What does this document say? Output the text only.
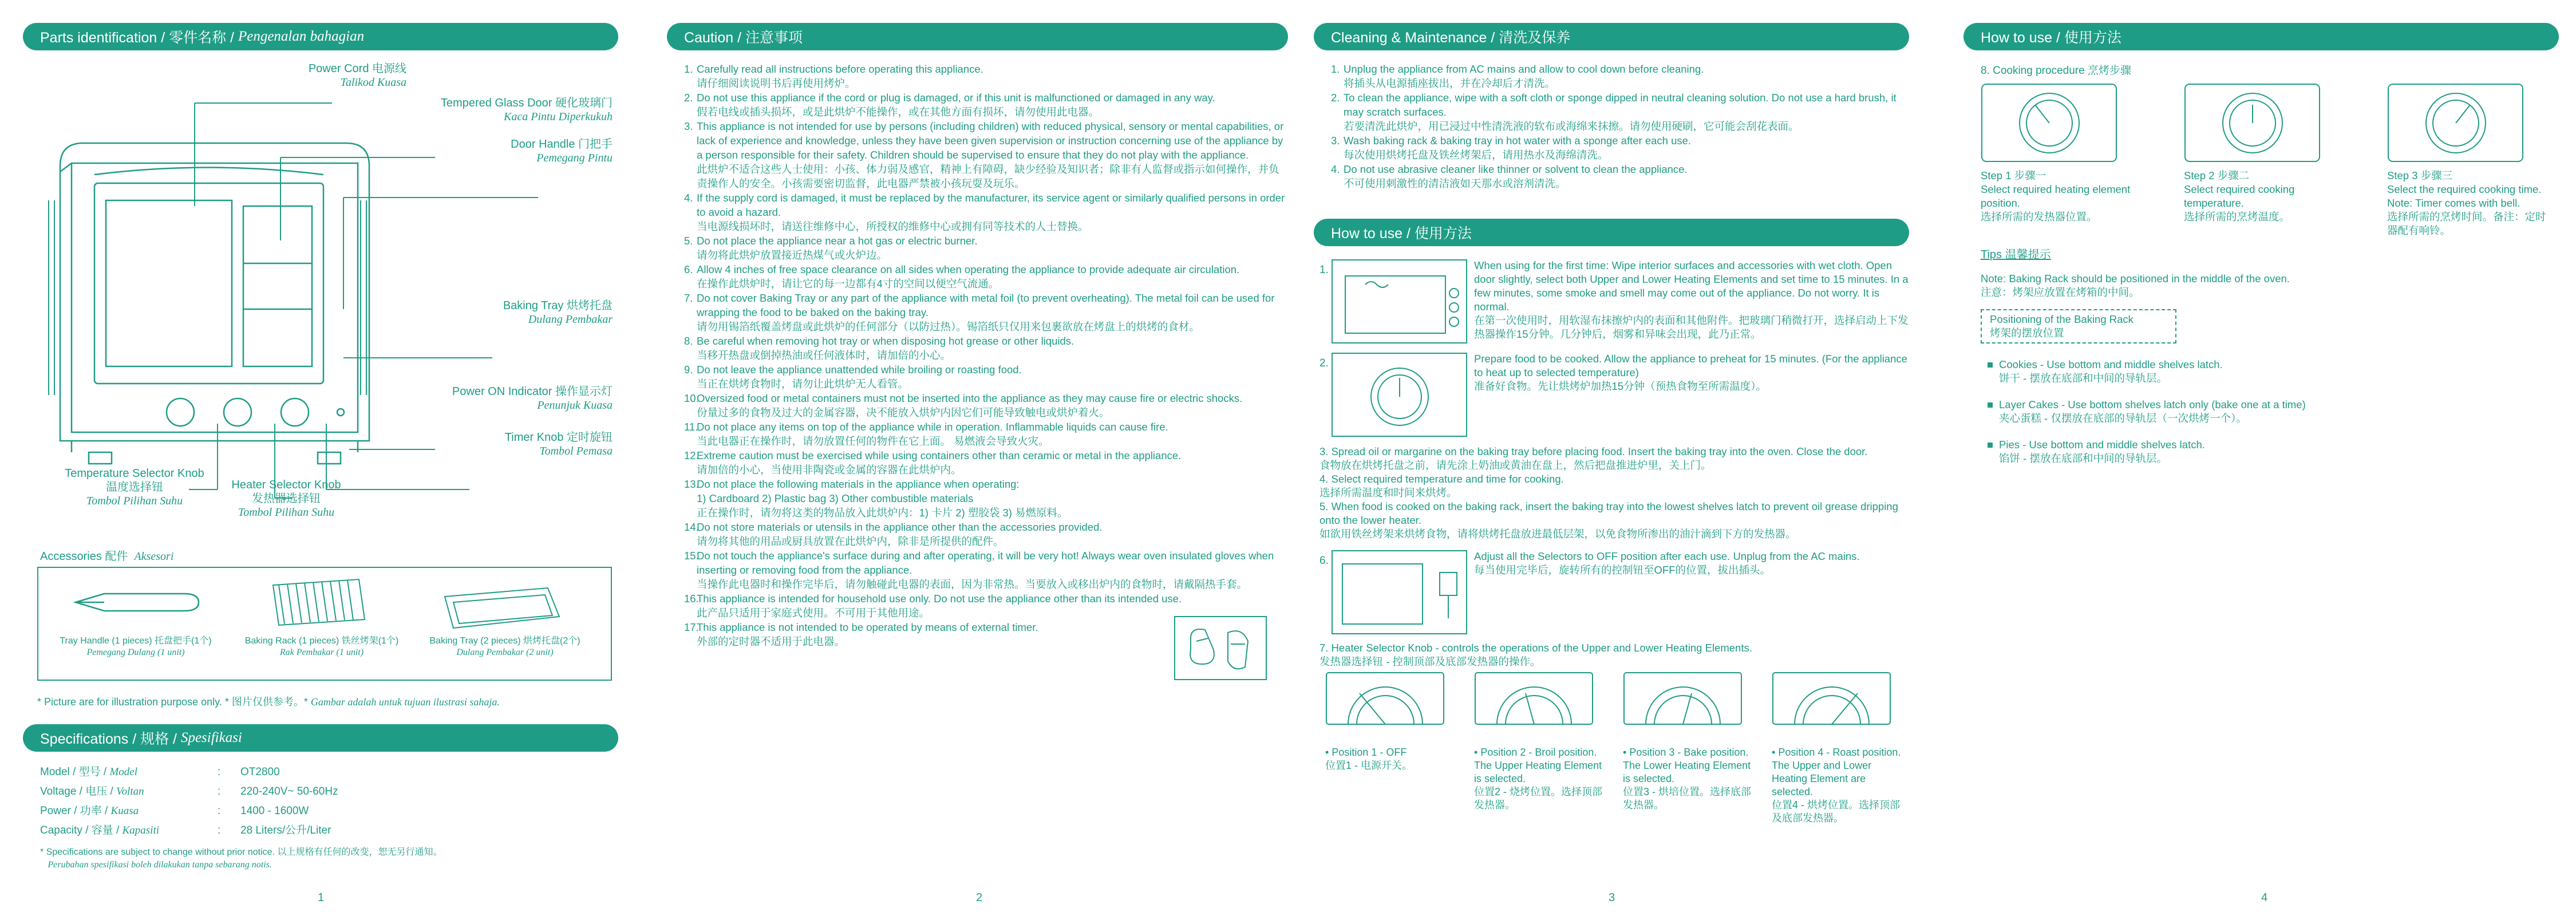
Parts identification / 零件名称 /
Pengenalan bahagian
Power Cord 电源线
Talikod Kuasa
Tempered Glass Door 硬化玻璃门
Kaca Pintu Diperkukuh
Door Handle 门把手
Pemegang Pintu
Baking Tray 烘烤托盘
Dulang Pembakar
Power ON Indicator 操作显示灯
Penunjuk Kuasa
Timer Knob 定时旋钮
Tombol Pemasa
Temperature Selector Knob
温度选择钮
Tombol Pilihan Suhu
Heater Selector Knob
发热器选择钮
Tombol Pilihan Suhu
Accessories 配件 Aksesori
Tray Handle (1 pieces) 托盘把手(1个)
Pemegang Dulang (1 unit)
Baking Rack (1 pieces) 铁丝烤架(1个)
Rak Pembakar (1 unit)
Baking Tray (2 pieces) 烘烤托盘(2个)
Dulang Pembakar (2 unit)
* Picture are for illustration purpose only. * 图片仅供参考。* Gambar adalah untuk tujuan ilustrasi sahaja.
Specifications / 规格 /
Spesifikasi
Model / 型号 / Model	:	OT2800
Voltage / 电压 / Voltan	:	220-240V~ 50-60Hz
Power / 功率 / Kuasa	:	1400 - 1600W
Capacity / 容量 / Kapasiti	:	28 Liters/公升/Liter
* Specifications are subject to change without prior notice. 以上规格有任何的改变，恕无另行通知。
Perubahan spesifikasi boleh dilakukan tanpa sebarang notis.
1
Caution / 注意事项
1. Carefully read all instructions before operating this appliance.
请仔细阅读说明书后再使用烤炉。
2. Do not use this appliance if the cord or plug is damaged, or if this unit is malfunctioned or damaged in any way.
假若电线或插头损坏，或是此烘炉不能操作，或在其他方面有损坏，请勿使用此电器。
3. This appliance is not intended for use by persons (including children) with reduced physical, sensory or mental capabilities, or lack of experience and knowledge, unless they have been given supervision or instruction concerning use of the appliance by a person responsible for their safety. Children should be supervised to ensure that they do not play with the appliance.
此烘炉不适合这些人士使用：小孩、体力弱及感官，精神上有障碍，缺少经验及知识者；除非有人监督或指示如何操作，并负责操作人的安全。小孩需要密切监督，此电器严禁被小孩玩耍及玩乐。
4. If the supply cord is damaged, it must be replaced by the manufacturer, its service agent or similarly qualified persons in order to avoid a hazard.
当电源线损坏时，请送往维修中心，所授权的维修中心或拥有同等技术的人士替换。
5. Do not place the appliance near a hot gas or electric burner.
请勿将此烘炉放置接近热煤气或火炉边。
6. Allow 4 inches of free space clearance on all sides when operating the appliance to provide adequate air circulation.
在操作此烘炉时，请让它的每一边都有4寸的空间以便空气流通。
7. Do not cover Baking Tray or any part of the appliance with metal foil (to prevent overheating). The metal foil can be used for wrapping the food to be baked on the baking tray.
请勿用锡箔纸覆盖烤盘或此烘炉的任何部分（以防过热）。锡箔纸只仅用来包裹欲放在烤盘上的烘烤的食材。
8. Be careful when removing hot tray or when disposing hot grease or other liquids.
当移开热盘或倒掉热油或任何液体时，请加倍的小心。
9. Do not leave the appliance unattended while broiling or roasting food.
当正在烘烤食物时，请勿让此烘炉无人看管。
10.
Oversized food or metal containers must not be inserted into the appliance as they may cause fire or electric shocks.
份量过多的食物及过大的金属容器，决不能放入烘炉内因它们可能导致触电或烘炉着火。
11.
Do not place any items on top of the appliance while in operation. Inflammable liquids can cause fire.
当此电器正在操作时，请勿放置任何的物件在它上面。 易燃液会导致火灾。
12.
Extreme caution must be exercised while using containers other than ceramic or metal in the appliance.
请加倍的小心，当使用非陶瓷或金属的容器在此烘炉内。
13.
Do not place the following materials in the appliance when operating:
1) Cardboard 2) Plastic bag 3) Other combustible materials
正在操作时，请勿将这类的物品放入此烘炉内：1) 卡片 2) 塑胶袋 3) 易燃原料。
14.
Do not store materials or utensils in the appliance other than the accessories provided.
请勿将其他的用品或厨具放置在此烘炉内，除非是所提供的配件。
15.
Do not touch the appliance's surface during and after operating, it will be very hot! Always wear oven insulated gloves when inserting or removing food from the appliance.
当操作此电器时和操作完毕后，请勿触碰此电器的表面，因为非常热。当要放入或移出炉内的食物时，请戴隔热手套。
16.
This appliance is intended for household use only. Do not use the appliance other than its intended use.
此产品只适用于家庭式使用。不可用于其他用途。
17.
This appliance is not intended to be operated by means of external timer.
外部的定时器不适用于此电器。
2
Cleaning & Maintenance / 清洗及保养
1. Unplug the appliance from AC mains and allow to cool down before cleaning.
将插头从电源插座拔出，并在冷却后才清洗。
2. To clean the appliance, wipe with a soft cloth or sponge dipped in neutral cleaning solution. Do not use a hard brush, it may scratch surfaces.
若要清洗此烘炉，用已浸过中性清洗液的软布或海绵来抹擦。请勿使用硬刷，它可能会刮花表面。
3. Wash baking rack & baking tray in hot water with a sponge after each use.
每次使用烘烤托盘及铁丝烤架后，请用热水及海绵清洗。
4. Do not use abrasive cleaner like thinner or solvent to clean the appliance.
不可使用刺激性的清洁液如天那水或溶剂清洗。
How to use / 使用方法
1.	When using for the first time: Wipe interior surfaces and accessories with wet cloth. Open door slightly, select both Upper and Lower Heating Elements and set time to 15 minutes. In a few minutes, some smoke and smell may come out of the appliance. Do not worry. It is normal.
在第一次使用时，用软湿布抹擦炉内的表面和其他附件。把玻璃门稍微打开，选择启动上下发热器操作15分钟。几分钟后，烟雾和异味会出现，此乃正常。
2.	Prepare food to be cooked. Allow the appliance to preheat for 15 minutes. (For the appliance to heat up to selected temperature)
准备好食物。先让烘烤炉加热15分钟（预热食物至所需温度）。
3. Spread oil or margarine on the baking tray before placing food. Insert the baking tray into the oven. Close the door.
食物放在烘烤托盘之前，请先涂上奶油或黄油在盘上，然后把盘推进炉里，关上门。
4. Select required temperature and time for cooking.
选择所需温度和时间来烘烤。
5. When food is cooked on the baking rack, insert the baking tray into the lowest shelves latch to prevent oil grease dripping onto the lower heater.
如欲用铁丝烤架来烘烤食物，请将烘烤托盘放进最低层架，以免食物所渗出的油汁滴到下方的发热器。
6.	Adjust all the Selectors to OFF position after each use. Unplug from the AC mains.
每当使用完毕后，旋转所有的控制钮至OFF的位置，拔出插头。
7. Heater Selector Knob - controls the operations of the Upper and Lower Heating Elements.
发热器选择钮 - 控制顶部及底部发热器的操作。
• Position 1 - OFF
位置1 - 电源开关。
• Position 2 - Broil position. The Upper Heating Element is selected.
位置2 - 烧烤位置。选择顶部发热器。
• Position 3 - Bake position. The Lower Heating Element is selected.
位置3 - 烘培位置。选择底部发热器。
• Position 4 - Roast position. The Upper and Lower Heating Element are selected.
位置4 - 烘烤位置。选择顶部及底部发热器。
3
How to use / 使用方法
8. Cooking procedure 烹烤步骤
Step 1 步骤一
Select required heating element position.
选择所需的发热器位置。
Step 2 步骤二
Select required cooking temperature.
选择所需的烹烤温度。
Step 3 步骤三
Select the required cooking time. Note: Timer comes with bell.
选择所需的烹烤时间。备注：定时器配有响铃。
Tips 温馨提示
Note: Baking Rack should be positioned in the middle of the oven.
注意：烤架应放置在烤箱的中间。
Positioning of the Baking Rack
烤架的摆放位置
Cookies - Use bottom and middle shelves latch.
饼干 - 摆放在底部和中间的导轨层。
Layer Cakes - Use bottom shelves latch only (bake one at a time)
夹心蛋糕 - 仅摆放在底部的导轨层（一次烘烤一个）。
Pies - Use bottom and middle shelves latch.
馅饼 - 摆放在底部和中间的导轨层。
4
